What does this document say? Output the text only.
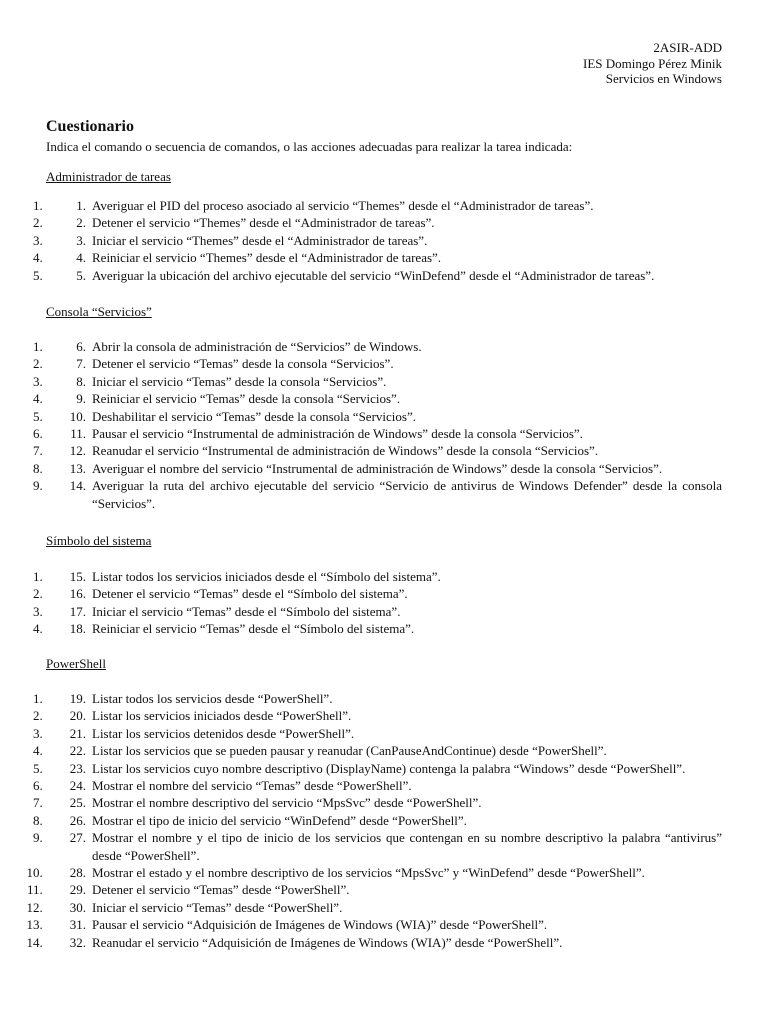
2ASIR-ADD
IES Domingo Pérez Minik
Servicios en Windows
Cuestionario
Indica el comando o secuencia de comandos, o las acciones adecuadas para realizar la tarea indicada:
Administrador de tareas
1. 1. Averiguar el PID del proceso asociado al servicio “Themes” desde el “Administrador de tareas”.
2. 2. Detener el servicio “Themes” desde el “Administrador de tareas”.
3. 3. Iniciar el servicio “Themes” desde el “Administrador de tareas”.
4. 4. Reiniciar el servicio “Themes” desde el “Administrador de tareas”.
5. 5. Averiguar la ubicación del archivo ejecutable del servicio “WinDefend” desde el “Administrador de tareas”.
Consola “Servicios”
1. 6. Abrir la consola de administración de “Servicios” de Windows.
2. 7. Detener el servicio “Temas” desde la consola “Servicios”.
3. 8. Iniciar el servicio “Temas” desde la consola “Servicios”.
4. 9. Reiniciar el servicio “Temas” desde la consola “Servicios”.
5. 10. Deshabilitar el servicio “Temas” desde la consola “Servicios”.
6. 11. Pausar el servicio “Instrumental de administración de Windows” desde la consola “Servicios”.
7. 12. Reanudar el servicio “Instrumental de administración de Windows” desde la consola “Servicios”.
8. 13. Averiguar el nombre del servicio “Instrumental de administración de Windows” desde la consola “Servicios”.
9. 14. Averiguar la ruta del archivo ejecutable del servicio “Servicio de antivirus de Windows Defender” desde la consola “Servicios”.
Símbolo del sistema
1. 15. Listar todos los servicios iniciados desde el “Símbolo del sistema”.
2. 16. Detener el servicio “Temas” desde el “Símbolo del sistema”.
3. 17. Iniciar el servicio “Temas” desde el “Símbolo del sistema”.
4. 18. Reiniciar el servicio “Temas” desde el “Símbolo del sistema”.
PowerShell
1. 19. Listar todos los servicios desde “PowerShell”.
2. 20. Listar los servicios iniciados desde “PowerShell”.
3. 21. Listar los servicios detenidos desde “PowerShell”.
4. 22. Listar los servicios que se pueden pausar y reanudar (CanPauseAndContinue) desde “PowerShell”.
5. 23. Listar los servicios cuyo nombre descriptivo (DisplayName) contenga la palabra “Windows” desde “PowerShell”.
6. 24. Mostrar el nombre del servicio “Temas” desde “PowerShell”.
7. 25. Mostrar el nombre descriptivo del servicio “MpsSvc” desde “PowerShell”.
8. 26. Mostrar el tipo de inicio del servicio “WinDefend” desde “PowerShell”.
9. 27. Mostrar el nombre y el tipo de inicio de los servicios que contengan en su nombre descriptivo la palabra “antivirus” desde “PowerShell”.
10. 28. Mostrar el estado y el nombre descriptivo de los servicios “MpsSvc” y “WinDefend” desde “PowerShell”.
11. 29. Detener el servicio “Temas” desde “PowerShell”.
12. 30. Iniciar el servicio “Temas” desde “PowerShell”.
13. 31. Pausar el servicio “Adquisición de Imágenes de Windows (WIA)” desde “PowerShell”.
14. 32. Reanudar el servicio “Adquisición de Imágenes de Windows (WIA)” desde “PowerShell”.
